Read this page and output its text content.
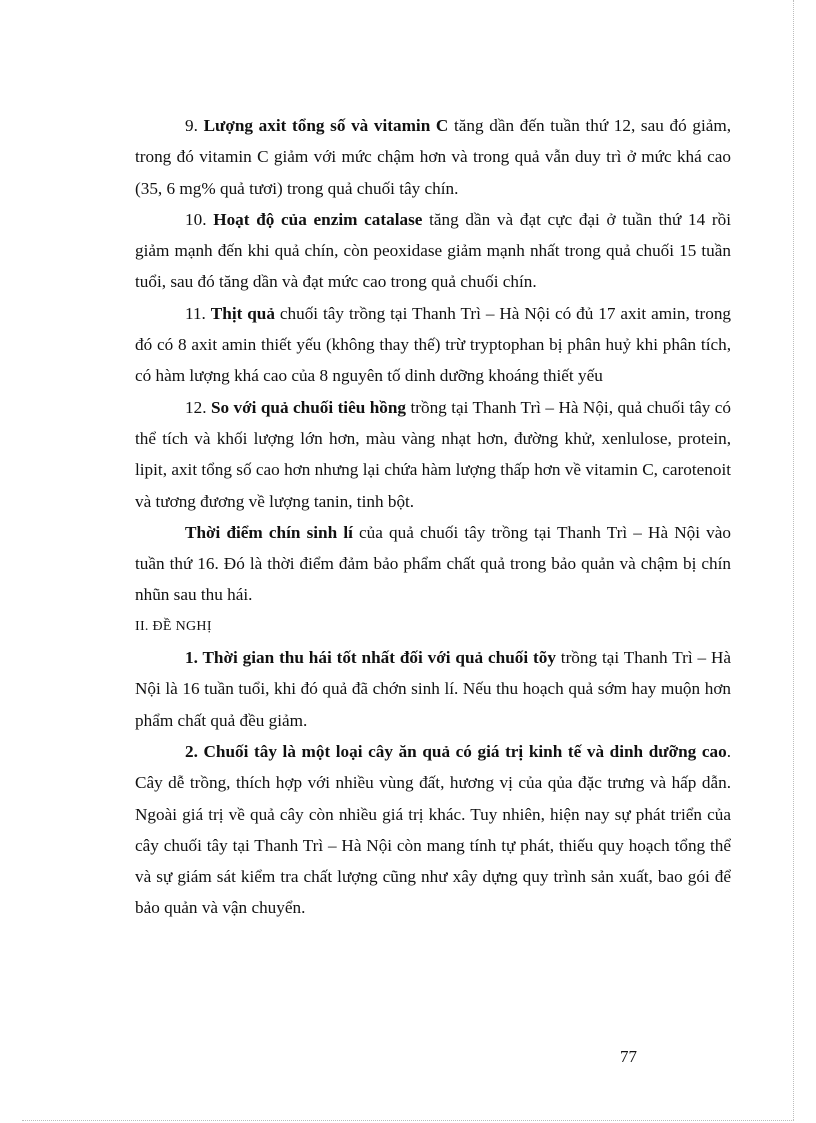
9. Lượng axit tổng số và vitamin C tăng dần đến tuần thứ 12, sau đó giảm, trong đó vitamin C giảm với mức chậm hơn và trong quả vẫn duy trì ở mức khá cao (35, 6 mg% quả tươi) trong quả chuối tây chín.

10. Hoạt độ của enzim catalase tăng dần và đạt cực đại ở tuần thứ 14 rồi giảm mạnh đến khi quả chín, còn peoxidase giảm mạnh nhất trong quả chuối 15 tuần tuổi, sau đó tăng dần và đạt mức cao trong quả chuối chín.

11. Thịt quả chuối tây trồng tại Thanh Trì – Hà Nội có đủ 17 axit amin, trong đó có 8 axit amin thiết yếu (không thay thế) trừ tryptophan bị phân huỷ khi phân tích, có hàm lượng khá cao của 8 nguyên tố dinh dưỡng khoáng thiết yếu

12. So với quả chuối tiêu hồng trồng tại Thanh Trì – Hà Nội, quả chuối tây có thể tích và khối lượng lớn hơn, màu vàng nhạt hơn, đường khử, xenlulose, protein, lipit, axit tổng số cao hơn nhưng lại chứa hàm lượng thấp hơn về vitamin C, carotenoit và tương đương về lượng tanin, tinh bột.

Thời điểm chín sinh lí của quả chuối tây trồng tại Thanh Trì – Hà Nội vào tuần thứ 16. Đó là thời điểm đảm bảo phẩm chất quả trong bảo quản và chậm bị chín nhũn sau thu hái.

II. ĐỀ NGHỊ

1. Thời gian thu hái tốt nhất đối với quả chuối tõy trồng tại Thanh Trì – Hà Nội là 16 tuần tuổi, khi đó quả đã chớn sinh lí. Nếu thu hoạch quả sớm hay muộn hơn phẩm chất quả đều giảm.

2. Chuối tây là một loại cây ăn quả có giá trị kinh tế và dinh dưỡng cao. Cây dễ trồng, thích hợp với nhiều vùng đất, hương vị của qủa đặc trưng và hấp dẫn. Ngoài giá trị về quả cây còn nhiều giá trị khác. Tuy nhiên, hiện nay sự phát triển của cây chuối tây tại Thanh Trì – Hà Nội còn mang tính tự phát, thiếu quy hoạch tổng thể và sự giám sát kiểm tra chất lượng cũng như xây dựng quy trình sản xuất, bao gói để bảo quản và vận chuyển.

77
